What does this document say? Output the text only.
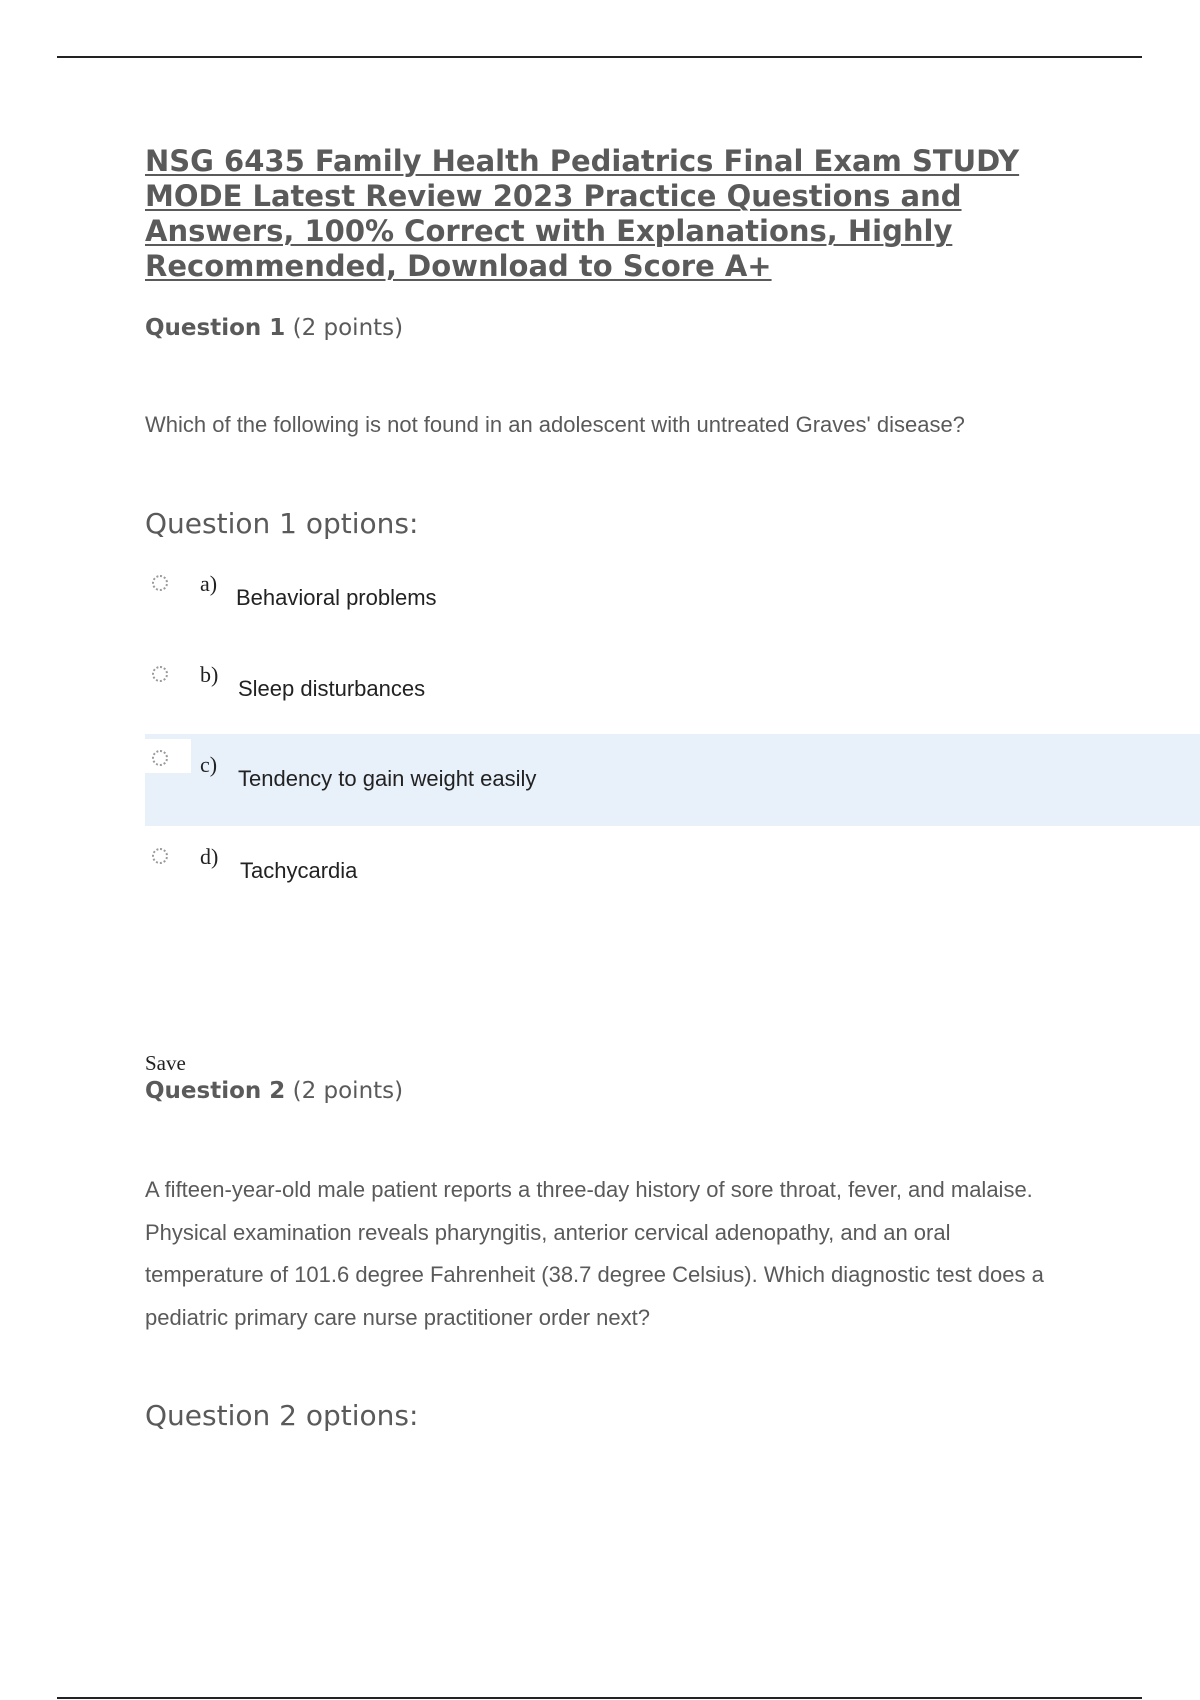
NSG 6435 Family Health Pediatrics Final Exam STUDY MODE Latest Review 2023 Practice Questions and Answers, 100% Correct with Explanations, Highly Recommended, Download to Score A+
Question 1 (2 points)

Which of the following is not found in an adolescent with untreated Graves' disease?

Question 1 options:
a)
Behavioral problems
b)
Sleep disturbances
c)
Tendency to gain weight easily
d)
Tachycardia
Save
Question 2 (2 points)

A fifteen-year-old male patient reports a three-day history of sore throat, fever, and malaise. Physical examination reveals pharyngitis, anterior cervical adenopathy, and an oral temperature of 101.6 degree Fahrenheit (38.7 degree Celsius). Which diagnostic test does a pediatric primary care nurse practitioner order next?

Question 2 options:
